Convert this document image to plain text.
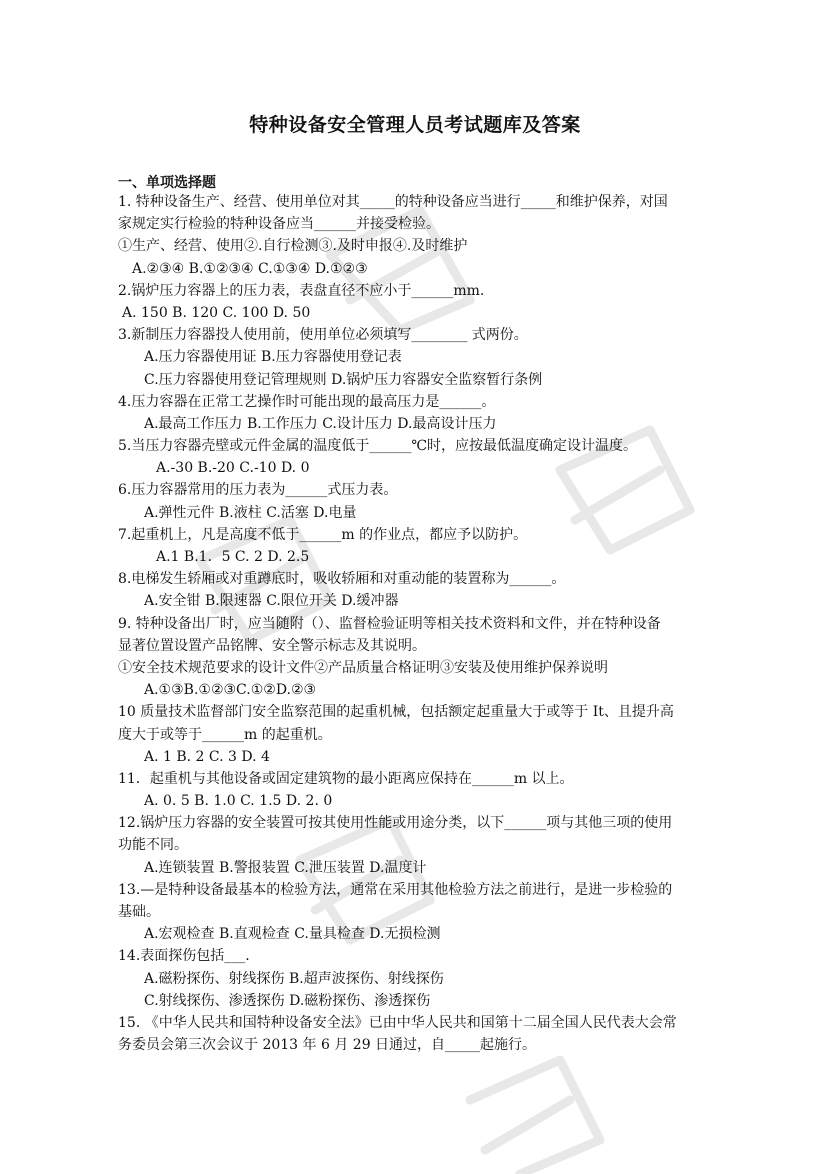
特种设备安全管理人员考试题库及答案
一、单项选择题
1. 特种设备生产、经营、使用单位对其_____的特种设备应当进行_____和维护保养，对国
家规定实行检验的特种设备应当______并接受检验。
①生产、经营、使用②.自行检测③.及时申报④.及时维护
A.②③④ B.①②③④ C.①③④ D.①②③
2.锅炉压力容器上的压力表，表盘直径不应小于______mm.
A. 150 B. 120 C. 100 D. 50
3.新制压力容器投人使用前，使用单位必须填写________ 式两份。
A.压力容器使用证 B.压力容器使用登记表
C.压力容器使用登记管理规则 D.锅炉压力容器安全监察暂行条例
4.压力容器在正常工艺操作时可能出现的最高压力是______。
A.最高工作压力 B.工作压力 C.设计压力 D.最高设计压力
5.当压力容器壳壁或元件金属的温度低于______℃时，应按最低温度确定设计温度。
A.-30 B.-20 C.-10 D. 0
6.压力容器常用的压力表为______式压力表。
A.弹性元件 B.液柱 C.活塞 D.电量
7.起重机上，凡是高度不低于______m 的作业点，都应予以防护。
A.1 B.1．5 C. 2 D. 2.5
8.电梯发生轿厢或对重蹲底时，吸收轿厢和对重动能的装置称为______。
A.安全钳 B.限速器 C.限位开关 D.缓冲器
9. 特种设备出厂时，应当随附（）、监督检验证明等相关技术资料和文件，并在特种设备
显著位置设置产品铭牌、安全警示标志及其说明。
①安全技术规范要求的设计文件②产品质量合格证明③安装及使用维护保养说明
A.①③B.①②③C.①②D.②③
10 质量技术监督部门安全监察范围的起重机械，包括额定起重量大于或等于 It、且提升高
度大于或等于______m 的起重机。
A. 1 B. 2 C. 3 D. 4
11．起重机与其他设备或固定建筑物的最小距离应保持在______m 以上。
A. 0. 5 B. 1.0 C. 1.5 D. 2. 0
12.锅炉压力容器的安全装置可按其使用性能或用途分类，以下______项与其他三项的使用
功能不同。
A.连锁装置 B.警报装置 C.泄压装置 D.温度计
13.—是特种设备最基本的检验方法，通常在采用其他检验方法之前进行，是进一步检验的
基础。
A.宏观检查 B.直观检查 C.量具检查 D.无损检测
14.表面探伤包括___.
A.磁粉探伤、射线探伤 B.超声波探伤、射线探伤
C.射线探伤、渗透探伤 D.磁粉探伤、渗透探伤
15. 《中华人民共和国特种设备安全法》已由中华人民共和国第十二届全国人民代表大会常
务委员会第三次会议于 2013 年 6 月 29 日通过，自_____起施行。
